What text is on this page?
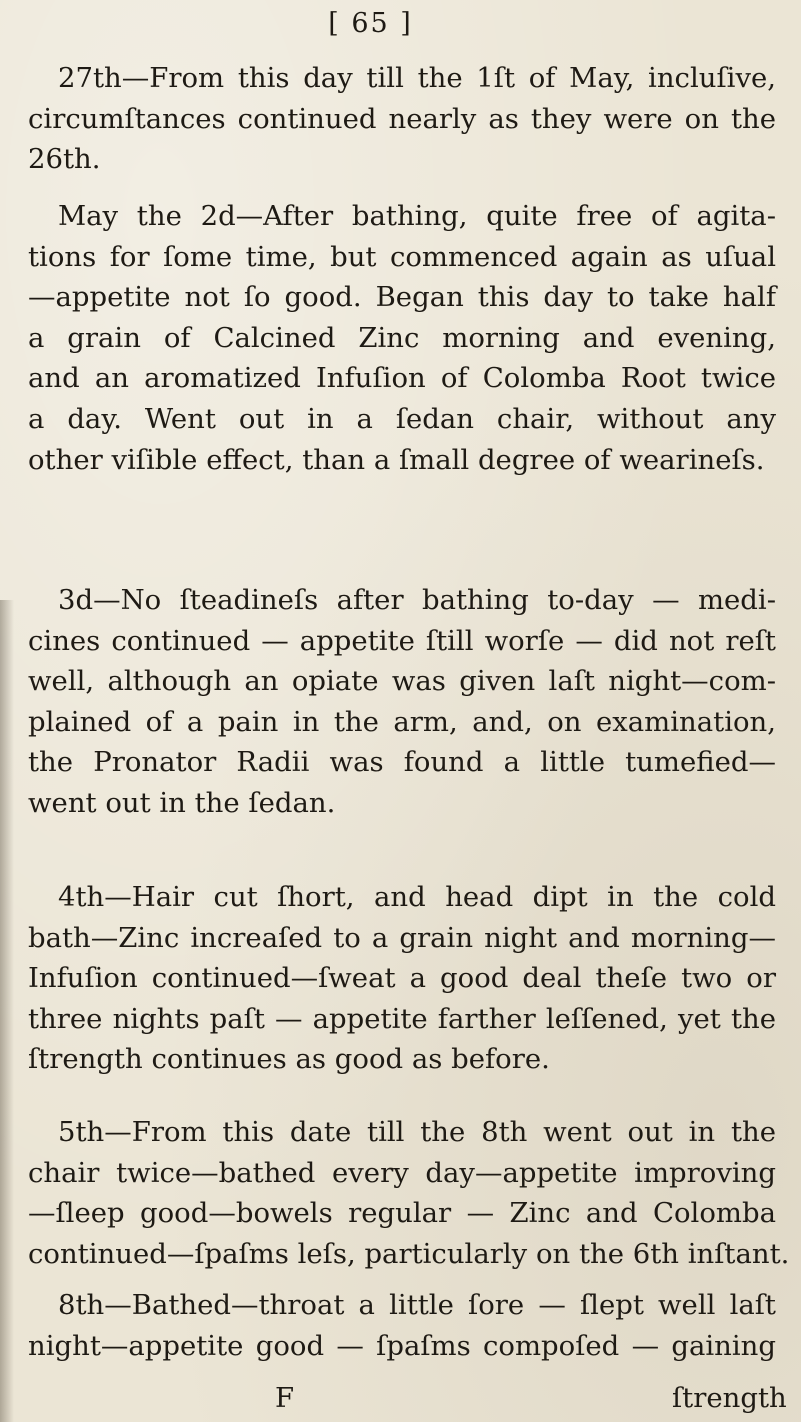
[ 65 ]
27th—From this day till the 1ſt of May, incluſive,
circumſtances continued nearly as they were on the
26th.
May the 2d—After bathing, quite free of agita-
tions for ſome time, but commenced again as uſual
—appetite not ſo good. Began this day to take half
a grain of Calcined Zinc morning and evening,
and an aromatized Infuſion of Colomba Root twice
a day. Went out in a ſedan chair, without any
other viſible effect, than a ſmall degree of wearineſs.
3d—No ſteadineſs after bathing to-day — medi-
cines continued — appetite ſtill worſe — did not reſt
well, although an opiate was given laſt night—com-
plained of a pain in the arm, and, on examination,
the Pronator Radii was found a little tumefied—
went out in the ſedan.
4th—Hair cut ſhort, and head dipt in the cold
bath—Zinc increaſed to a grain night and morning—
Infuſion continued—ſweat a good deal theſe two or
three nights paſt — appetite farther leſſened, yet the
ſtrength continues as good as before.
5th—From this date till the 8th went out in the
chair twice—bathed every day—appetite improving
—ſleep good—bowels regular — Zinc and Colomba
continued—ſpaſms leſs, particularly on the 6th inſtant.
8th—Bathed—throat a little ſore — ſlept well laſt
night—appetite good — ſpaſms compoſed — gaining
F	ſtrength
